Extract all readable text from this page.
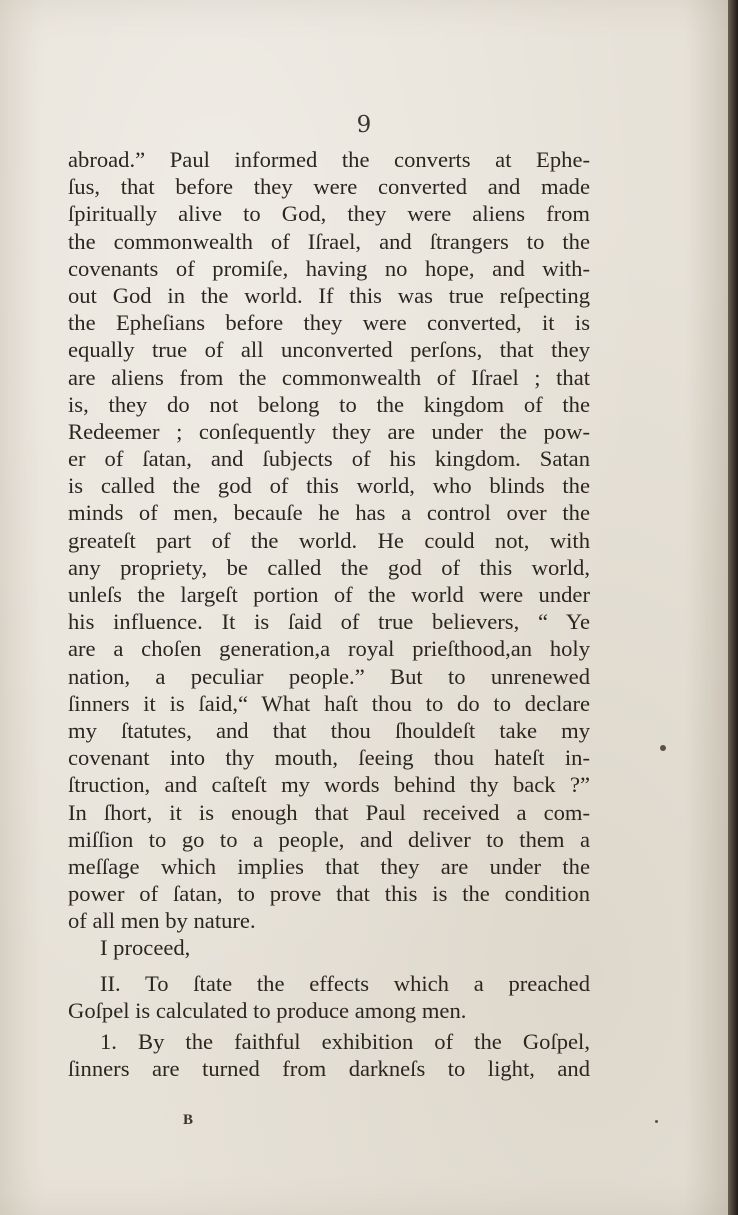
9
abroad.” Paul informed the converts at Ephe-
ſus, that before they were converted and made
ſpiritually alive to God, they were aliens from
the commonwealth of Iſrael, and ſtrangers to the
covenants of promiſe, having no hope, and with-
out God in the world. If this was true reſpecting
the Epheſians before they were converted, it is
equally true of all unconverted perſons, that they
are aliens from the commonwealth of Iſrael ; that
is, they do not belong to the kingdom of the
Redeemer ; conſequently they are under the pow-
er of ſatan, and ſubjects of his kingdom. Satan
is called the god of this world, who blinds the
minds of men, becauſe he has a control over the
greateſt part of the world. He could not, with
any propriety, be called the god of this world,
unleſs the largeſt portion of the world were under
his influence. It is ſaid of true believers, “ Ye
are a choſen generation,a royal prieſthood,an holy
nation, a peculiar people.” But to unrenewed
ſinners it is ſaid,“ What haſt thou to do to declare
my ſtatutes, and that thou ſhouldeſt take my
covenant into thy mouth, ſeeing thou hateſt in-
ſtruction, and caſteſt my words behind thy back ?”
In ſhort, it is enough that Paul received a com-
miſſion to go to a people, and deliver to them a
meſſage which implies that they are under the
power of ſatan, to prove that this is the condition
of all men by nature.
I proceed,
II. To ſtate the effects which a preached
Goſpel is calculated to produce among men.
1. By the faithful exhibition of the Goſpel,
ſinners are turned from darkneſs to light, and
B
